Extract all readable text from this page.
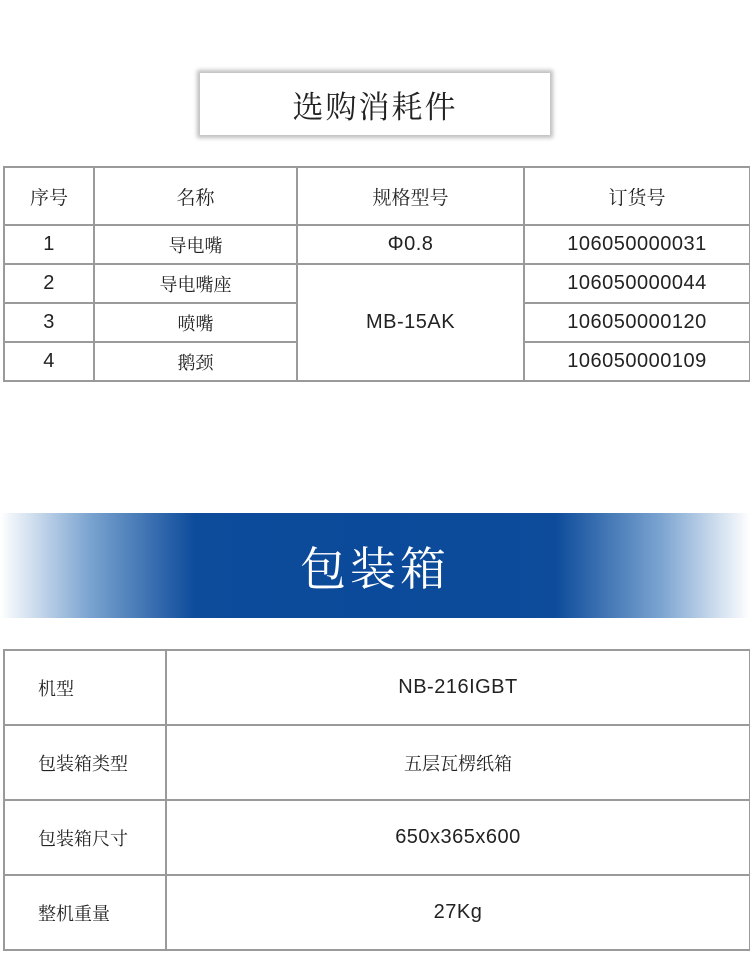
选购消耗件
序号	名称	规格型号	订货号
1	导电嘴	Φ0.8	106050000031
2	导电嘴座	MB-15AK	106050000044
3	喷嘴		106050000120
4	鹅颈		106050000109
包装箱
机型	NB-216IGBT
包装箱类型	五层瓦楞纸箱
包装箱尺寸	650x365x600
整机重量	27Kg
